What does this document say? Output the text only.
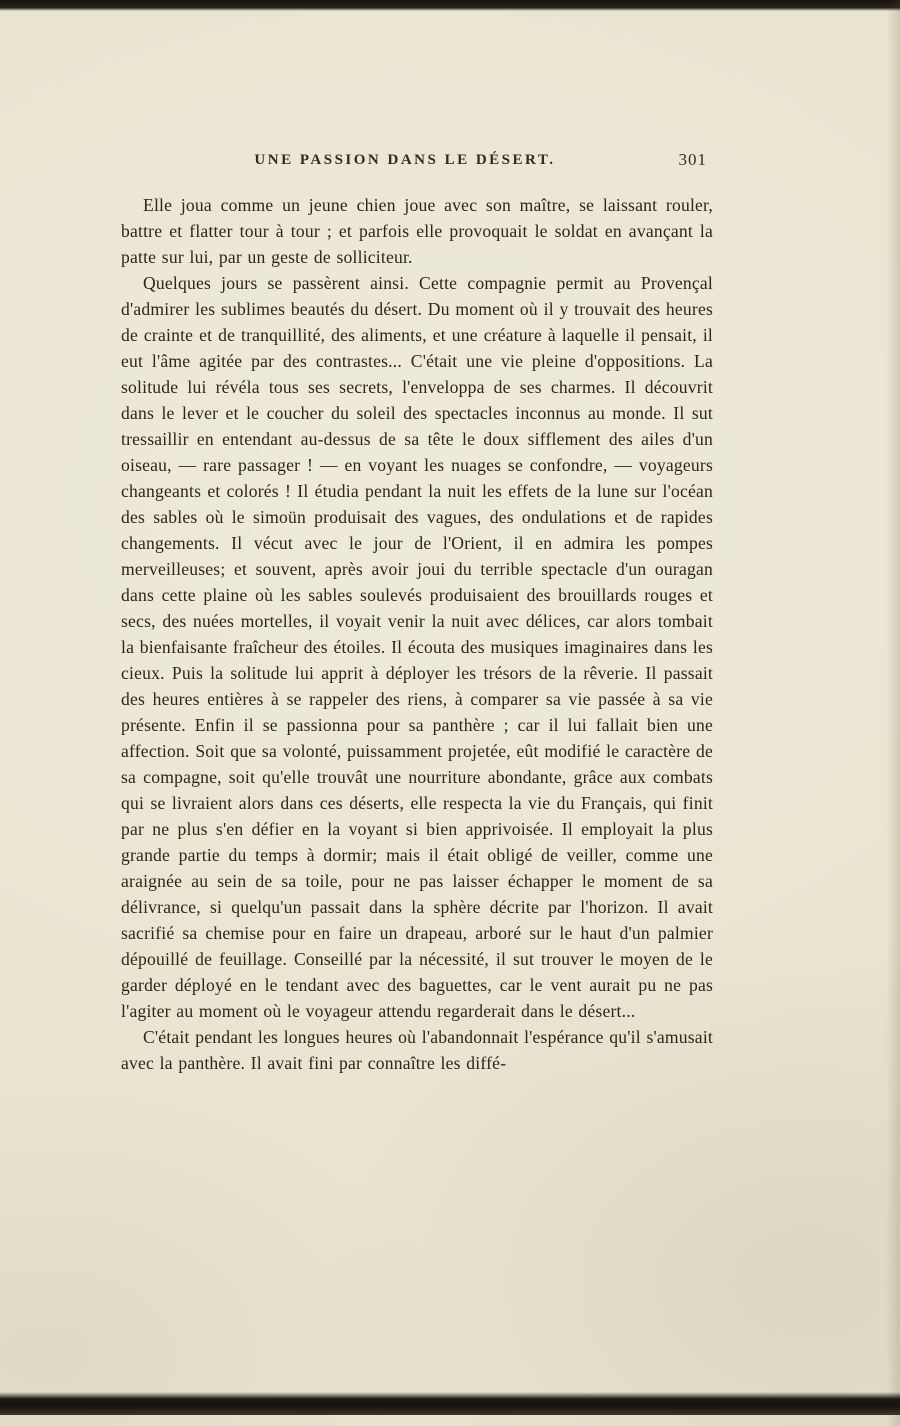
UNE PASSION DANS LE DÉSERT.	301

Elle joua comme un jeune chien joue avec son maître, se laissant rouler, battre et flatter tour à tour ; et parfois elle provoquait le soldat en avançant la patte sur lui, par un geste de solliciteur.

Quelques jours se passèrent ainsi. Cette compagnie permit au Provençal d'admirer les sublimes beautés du désert. Du moment où il y trouvait des heures de crainte et de tranquillité, des aliments, et une créature à laquelle il pensait, il eut l'âme agitée par des contrastes... C'était une vie pleine d'oppositions. La solitude lui révéla tous ses secrets, l'enveloppa de ses charmes. Il découvrit dans le lever et le coucher du soleil des spectacles inconnus au monde. Il sut tressaillir en entendant au-dessus de sa tête le doux sifflement des ailes d'un oiseau, — rare passager ! — en voyant les nuages se confondre, — voyageurs changeants et colorés ! Il étudia pendant la nuit les effets de la lune sur l'océan des sables où le simoün produisait des vagues, des ondulations et de rapides changements. Il vécut avec le jour de l'Orient, il en admira les pompes merveilleuses; et souvent, après avoir joui du terrible spectacle d'un ouragan dans cette plaine où les sables soulevés produisaient des brouillards rouges et secs, des nuées mortelles, il voyait venir la nuit avec délices, car alors tombait la bienfaisante fraîcheur des étoiles. Il écouta des musiques imaginaires dans les cieux. Puis la solitude lui apprit à déployer les trésors de la rêverie. Il passait des heures entières à se rappeler des riens, à comparer sa vie passée à sa vie présente. Enfin il se passionna pour sa panthère ; car il lui fallait bien une affection. Soit que sa volonté, puissamment projetée, eût modifié le caractère de sa compagne, soit qu'elle trouvât une nourriture abondante, grâce aux combats qui se livraient alors dans ces déserts, elle respecta la vie du Français, qui finit par ne plus s'en défier en la voyant si bien apprivoisée. Il employait la plus grande partie du temps à dormir; mais il était obligé de veiller, comme une araignée au sein de sa toile, pour ne pas laisser échapper le moment de sa délivrance, si quelqu'un passait dans la sphère décrite par l'horizon. Il avait sacrifié sa chemise pour en faire un drapeau, arboré sur le haut d'un palmier dépouillé de feuillage. Conseillé par la nécessité, il sut trouver le moyen de le garder déployé en le tendant avec des baguettes, car le vent aurait pu ne pas l'agiter au moment où le voyageur attendu regarderait dans le désert...

C'était pendant les longues heures où l'abandonnait l'espérance qu'il s'amusait avec la panthère. Il avait fini par connaître les diffé-
